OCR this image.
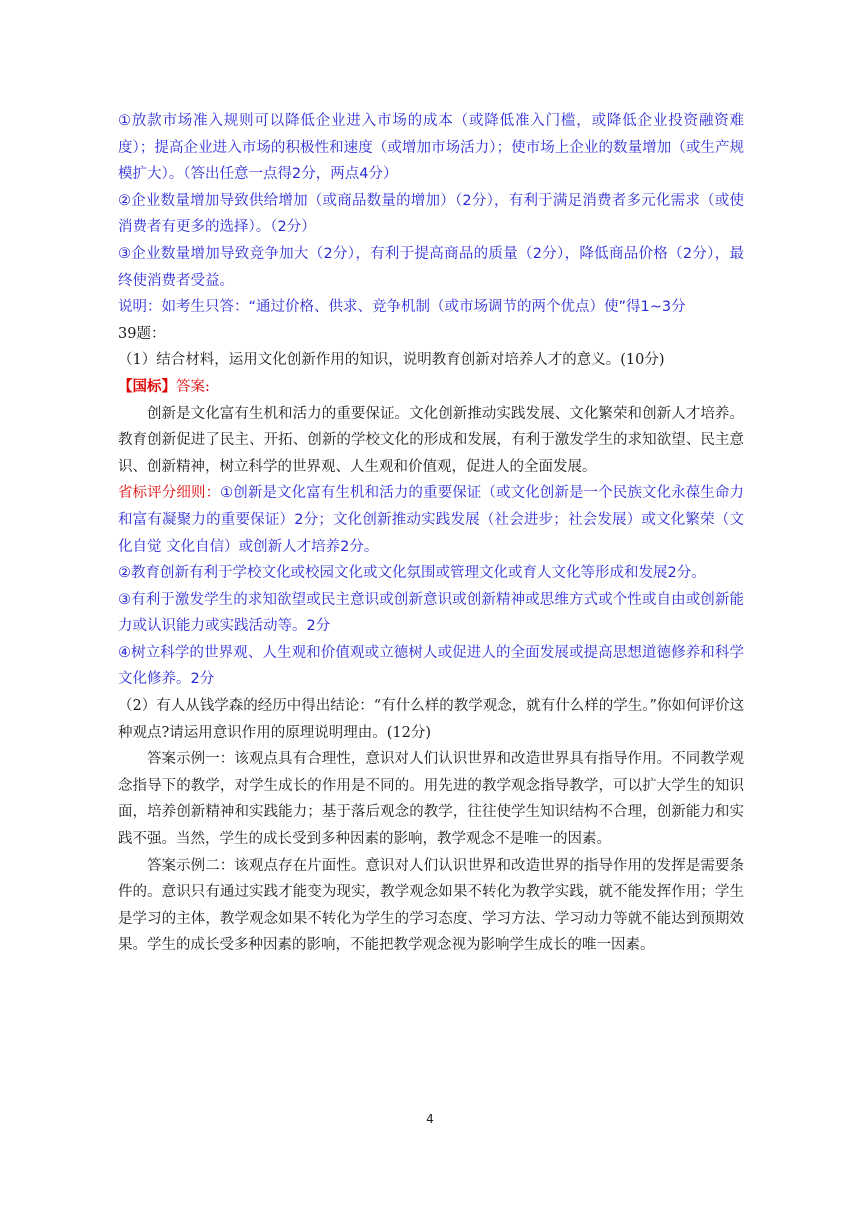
①放款市场准入规则可以降低企业进入市场的成本（或降低准入门槛，或降低企业投资融资难度）；提高企业进入市场的积极性和速度（或增加市场活力）；使市场上企业的数量增加（或生产规模扩大）。（答出任意一点得2分，两点4分）

②企业数量增加导致供给增加（或商品数量的增加）（2分），有利于满足消费者多元化需求（或使消费者有更多的选择）。（2分）

③企业数量增加导致竞争加大（2分），有利于提高商品的质量（2分），降低商品价格（2分），最终使消费者受益。

说明：如考生只答：“通过价格、供求、竞争机制（或市场调节的两个优点）使”得1~3分

39题：

（1）结合材料，运用文化创新作用的知识，说明教育创新对培养人才的意义。(10分)

【国标】答案:

创新是文化富有生机和活力的重要保证。文化创新推动实践发展、文化繁荣和创新人才培养。教育创新促进了民主、开拓、创新的学校文化的形成和发展，有利于激发学生的求知欲望、民主意识、创新精神，树立科学的世界观、人生观和价值观，促进人的全面发展。

省标评分细则：①创新是文化富有生机和活力的重要保证（或文化创新是一个民族文化永葆生命力和富有凝聚力的重要保证）2分；文化创新推动实践发展（社会进步；社会发展）或文化繁荣（文化自觉 文化自信）或创新人才培养2分。

②教育创新有利于学校文化或校园文化或文化氛围或管理文化或育人文化等形成和发展2分。

③有利于激发学生的求知欲望或民主意识或创新意识或创新精神或思维方式或个性或自由或创新能力或认识能力或实践活动等。2分

④树立科学的世界观、人生观和价值观或立德树人或促进人的全面发展或提高思想道德修养和科学文化修养。2分

（2）有人从钱学森的经历中得出结论：“有什么样的教学观念，就有什么样的学生。”你如何评价这种观点?请运用意识作用的原理说明理由。(12分)

答案示例一：该观点具有合理性，意识对人们认识世界和改造世界具有指导作用。不同教学观念指导下的教学，对学生成长的作用是不同的。用先进的教学观念指导教学，可以扩大学生的知识面，培养创新精神和实践能力；基于落后观念的教学，往往使学生知识结构不合理，创新能力和实践不强。当然，学生的成长受到多种因素的影响，教学观念不是唯一的因素。

答案示例二：该观点存在片面性。意识对人们认识世界和改造世界的指导作用的发挥是需要条件的。意识只有通过实践才能变为现实，教学观念如果不转化为教学实践，就不能发挥作用；学生是学习的主体，教学观念如果不转化为学生的学习态度、学习方法、学习动力等就不能达到预期效果。学生的成长受多种因素的影响，不能把教学观念视为影响学生成长的唯一因素。

4
